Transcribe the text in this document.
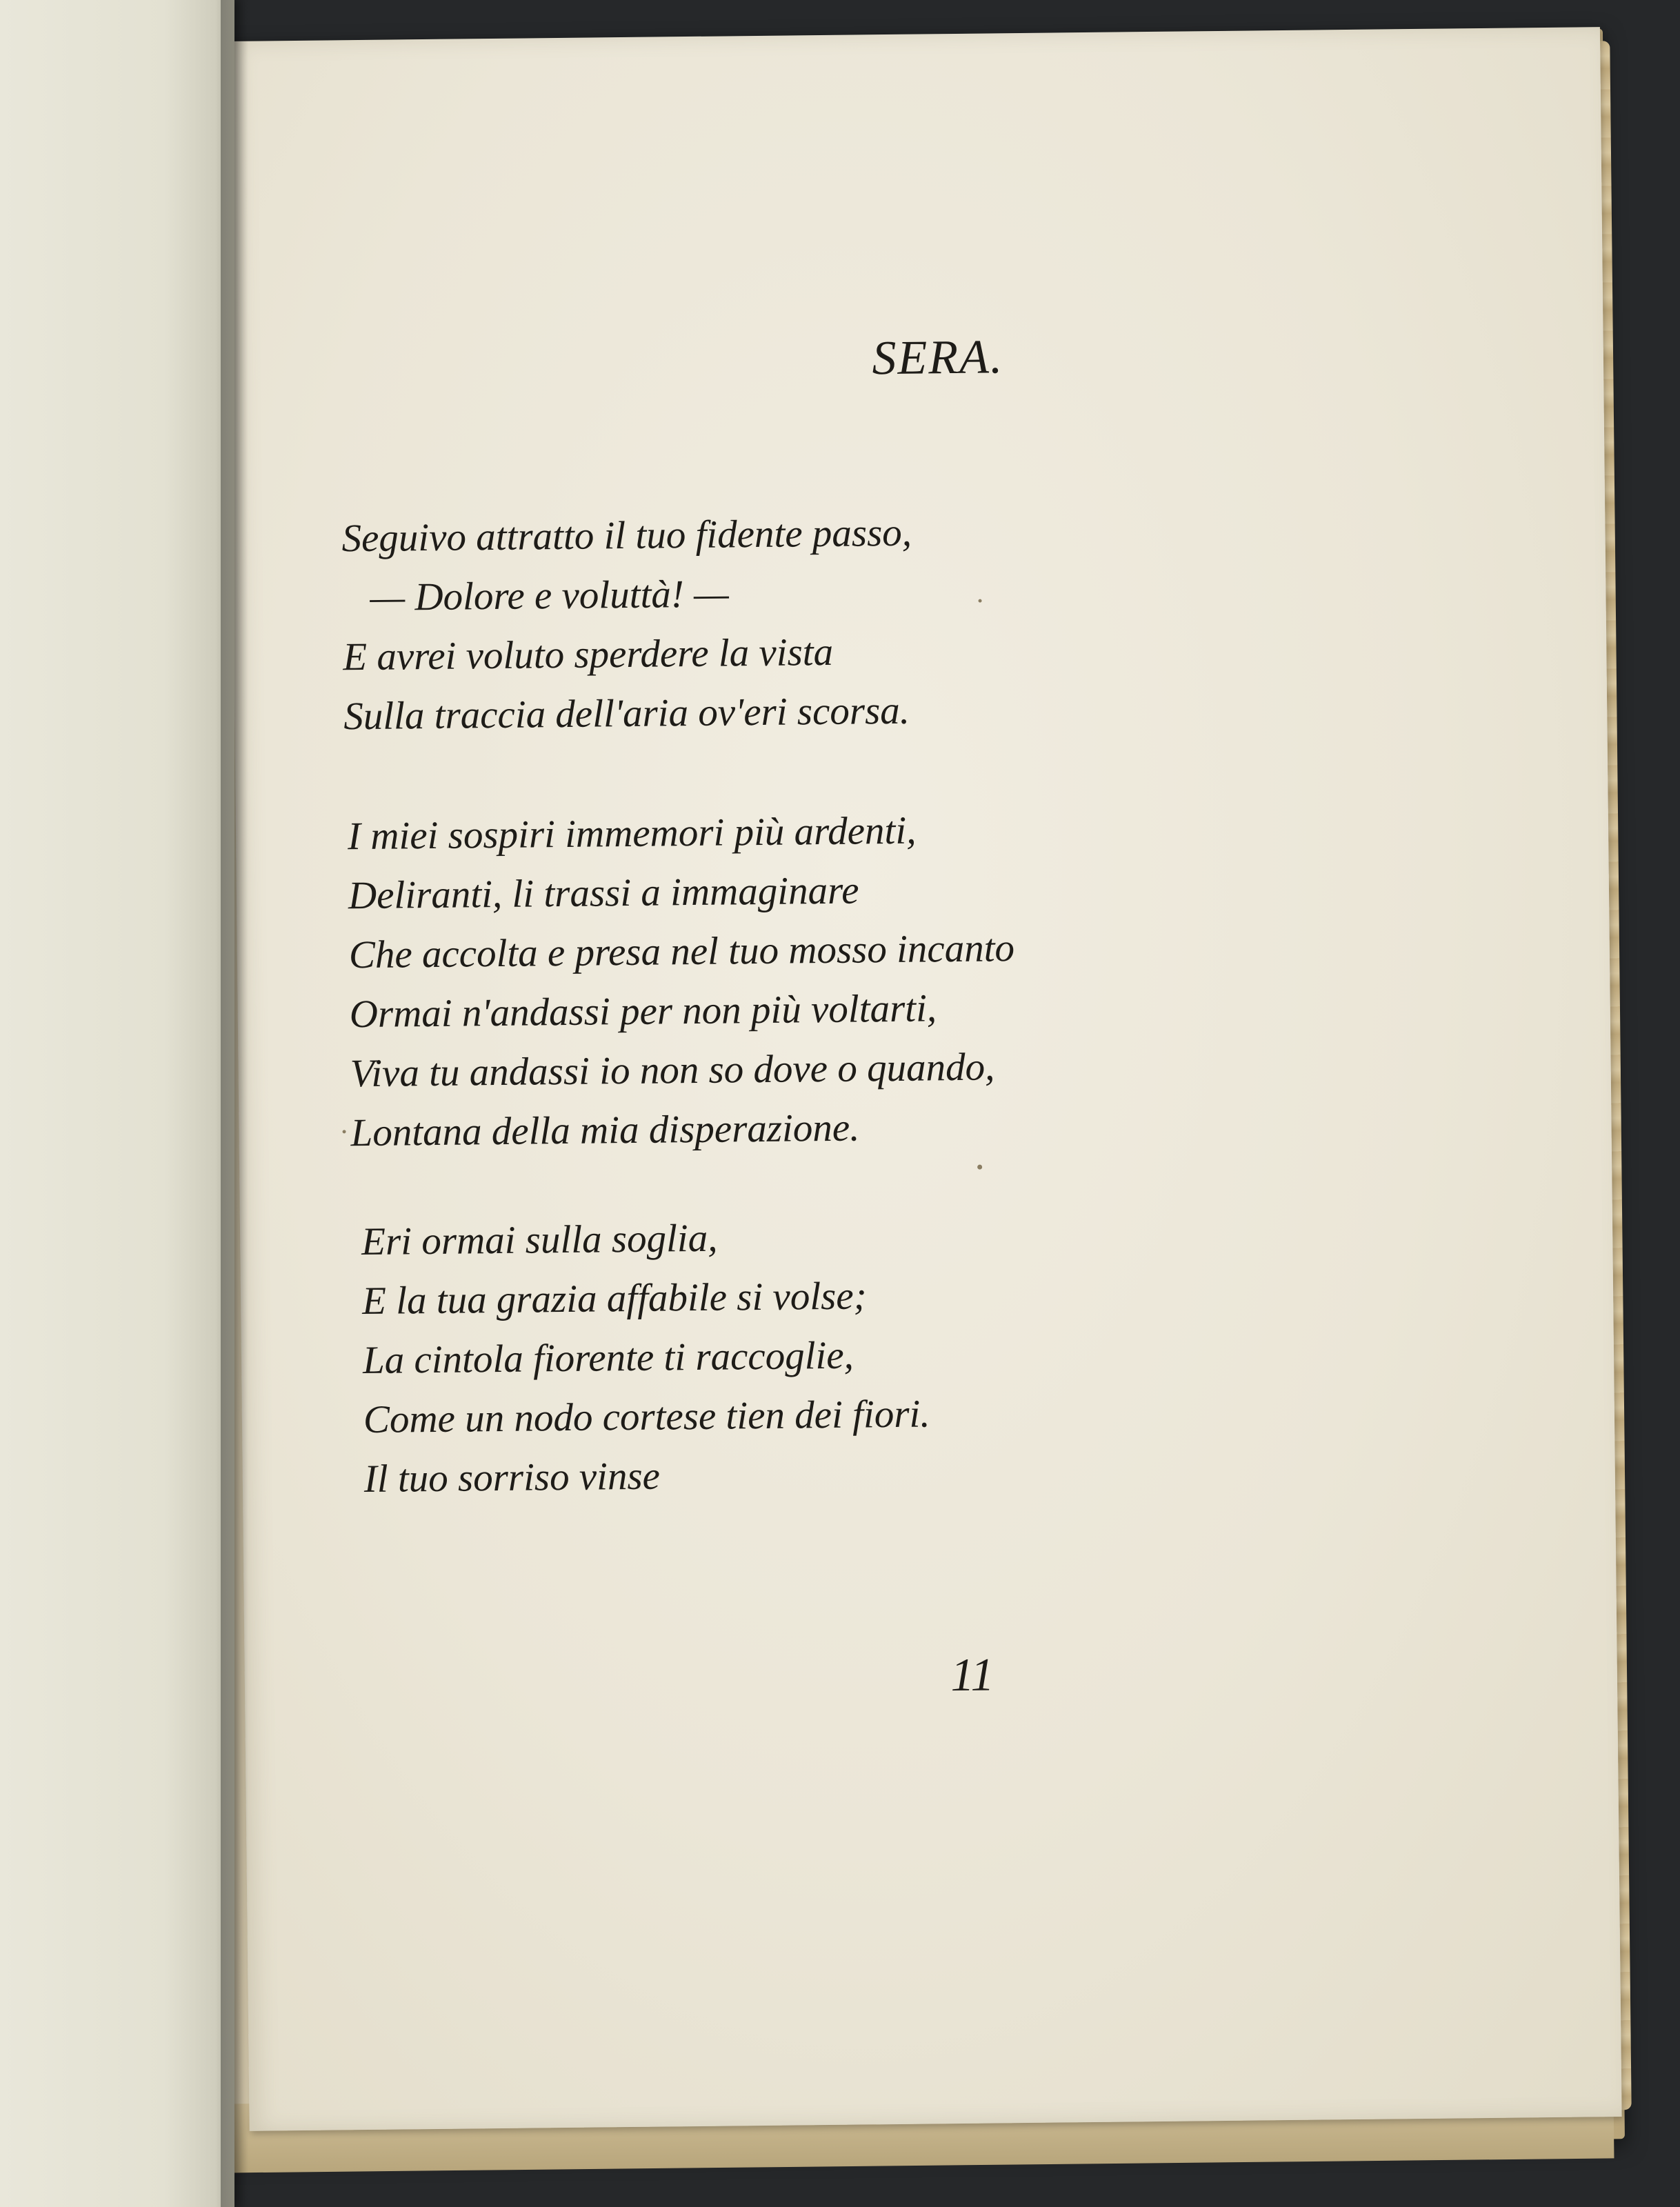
SERA.
Seguivo attratto il tuo fidente passo,
— Dolore e voluttà! —
E avrei voluto sperdere la vista
Sulla traccia dell'aria ov'eri scorsa.
I miei sospiri immemori più ardenti,
Deliranti, li trassi a immaginare
Che accolta e presa nel tuo mosso incanto
Ormai n'andassi per non più voltarti,
Viva tu andassi io non so dove o quando,
Lontana della mia disperazione.
Eri ormai sulla soglia,
E la tua grazia affabile si volse;
La cintola fiorente ti raccoglie,
Come un nodo cortese tien dei fiori.
Il tuo sorriso vinse
11
